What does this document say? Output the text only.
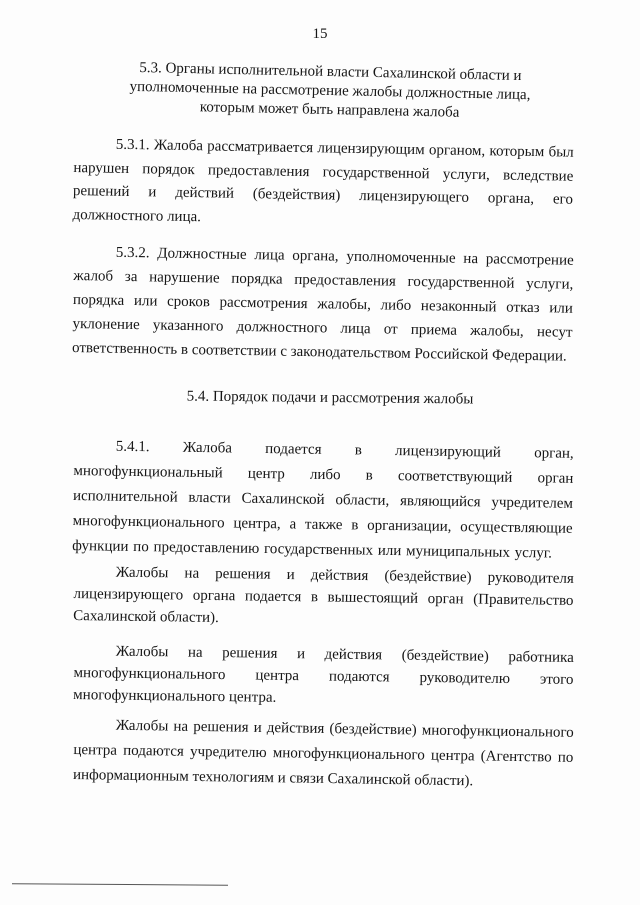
15
5.3. Органы исполнительной власти Сахалинской области и уполномоченные на рассмотрение жалобы должностные лица, которым может быть направлена жалоба

5.3.1. Жалоба рассматривается лицензирующим органом, которым был нарушен порядок предоставления государственной услуги, вследствие решений и действий (бездействия) лицензирующего органа, его должностного лица.

5.3.2. Должностные лица органа, уполномоченные на рассмотрение жалоб за нарушение порядка предоставления государственной услуги, порядка или сроков рассмотрения жалобы, либо незаконный отказ или уклонение указанного должностного лица от приема жалобы, несут ответственность в соответствии с законодательством Российской Федерации.

5.4. Порядок подачи и рассмотрения жалобы

5.4.1. Жалоба подается в лицензирующий орган, многофункциональный центр либо в соответствующий орган исполнительной власти Сахалинской области, являющийся учредителем многофункционального центра, а также в организации, осуществляющие функции по предоставлению государственных или муниципальных услуг.

Жалобы на решения и действия (бездействие) руководителя лицензирующего органа подается в вышестоящий орган (Правительство Сахалинской области).

Жалобы на решения и действия (бездействие) работника многофункционального центра подаются руководителю этого многофункционального центра.

Жалобы на решения и действия (бездействие) многофункционального центра подаются учредителю многофункционального центра (Агентство по информационным технологиям и связи Сахалинской области).
